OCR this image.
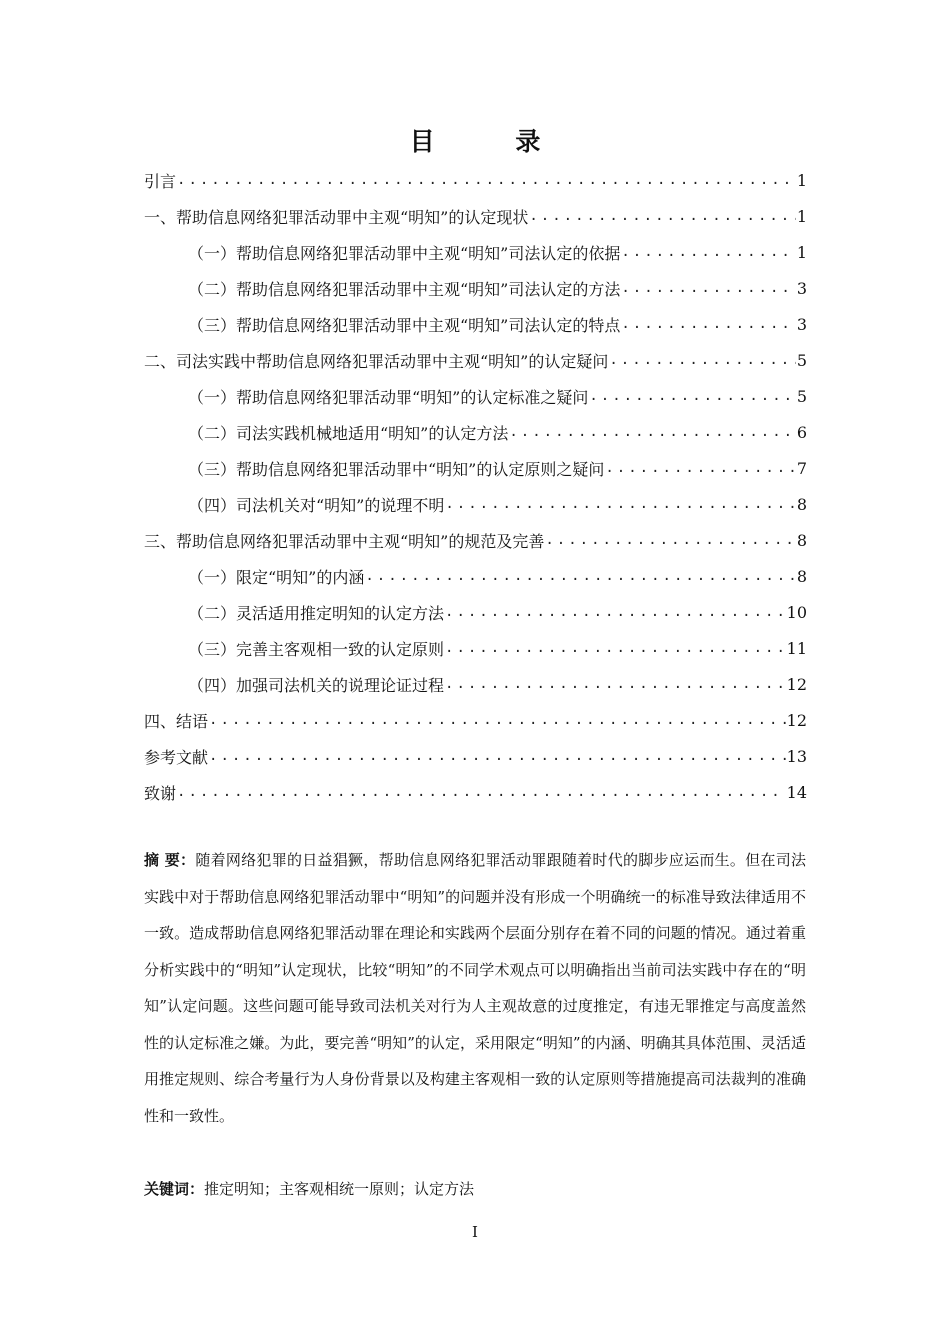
目 录
引言 .....	1
一、帮助信息网络犯罪活动罪中主观“明知”的认定现状 .....	1
（一）帮助信息网络犯罪活动罪中主观“明知”司法认定的依据 .....	1
（二）帮助信息网络犯罪活动罪中主观“明知”司法认定的方法 .....	3
（三）帮助信息网络犯罪活动罪中主观“明知”司法认定的特点 .....	3
二、司法实践中帮助信息网络犯罪活动罪中主观“明知”的认定疑问 .....	5
（一）帮助信息网络犯罪活动罪“明知”的认定标准之疑问 .....	5
（二）司法实践机械地适用“明知”的认定方法 .....	6
（三）帮助信息网络犯罪活动罪中“明知”的认定原则之疑问 .....	7
（四）司法机关对“明知”的说理不明 .....	8
三、帮助信息网络犯罪活动罪中主观“明知”的规范及完善 .....	8
（一）限定“明知”的内涵 .....	8
（二）灵活适用推定明知的认定方法 .....	10
（三）完善主客观相一致的认定原则 .....	11
（四）加强司法机关的说理论证过程 .....	12
四、结语 .....	12
参考文献 .....	13
致谢 .....	14
摘 要：随着网络犯罪的日益猖獗，帮助信息网络犯罪活动罪跟随着时代的脚步应运而生。但在司法实践中对于帮助信息网络犯罪活动罪中“明知”的问题并没有形成一个明确统一的标准导致法律适用不一致。造成帮助信息网络犯罪活动罪在理论和实践两个层面分别存在着不同的问题的情况。通过着重分析实践中的“明知”认定现状，比较“明知”的不同学术观点可以明确指出当前司法实践中存在的“明知”认定问题。这些问题可能导致司法机关对行为人主观故意的过度推定，有违无罪推定与高度盖然性的认定标准之嫌。为此，要完善“明知”的认定，采用限定“明知”的内涵、明确其具体范围、灵活适用推定规则、综合考量行为人身份背景以及构建主客观相一致的认定原则等措施提高司法裁判的准确性和一致性。
关键词：推定明知；主客观相统一原则；认定方法
I
